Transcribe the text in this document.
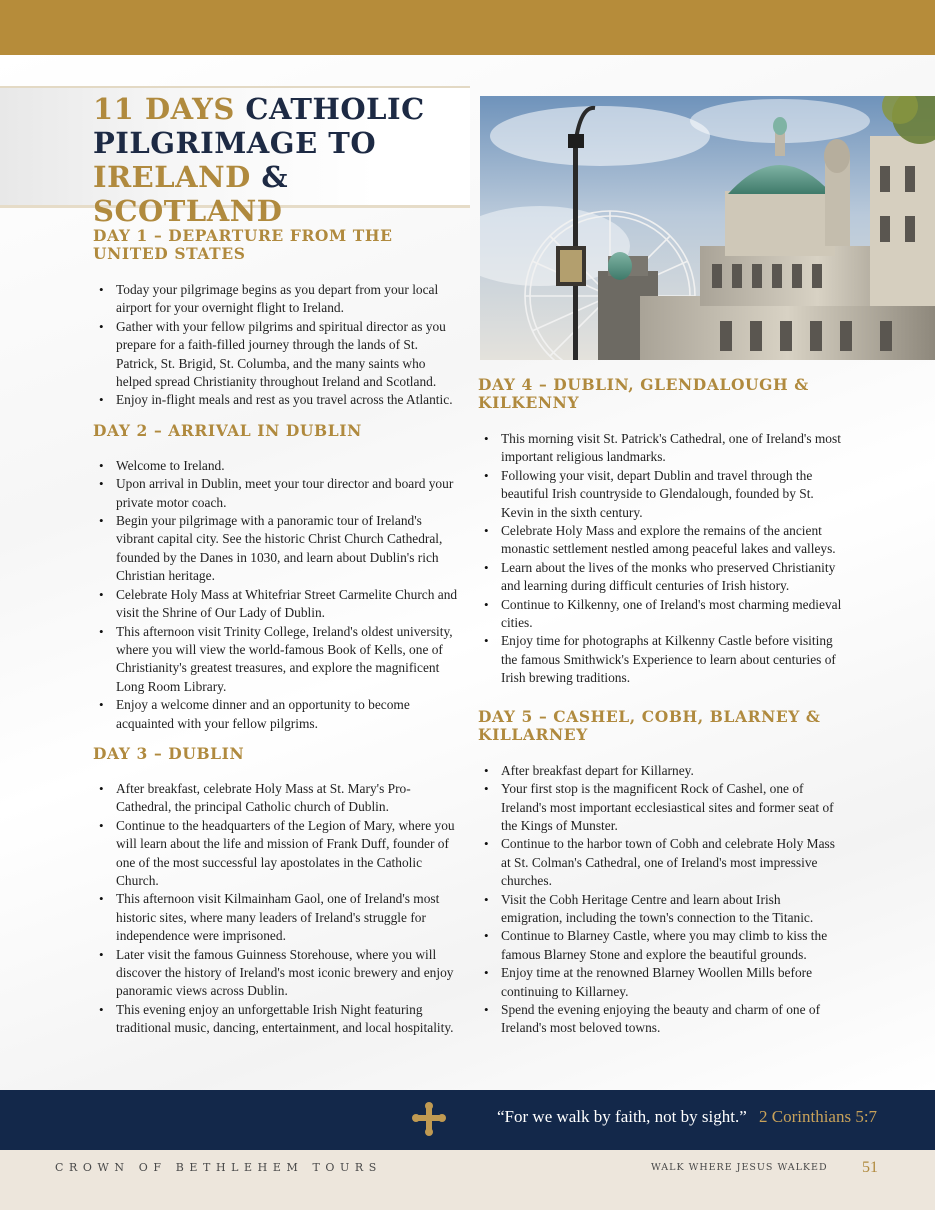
11 DAYS CATHOLIC
PILGRIMAGE TO
IRELAND & SCOTLAND
DAY 1 – DEPARTURE FROM THE UNITED STATES
• Today your pilgrimage begins as you depart from your local airport for your overnight flight to Ireland.
• Gather with your fellow pilgrims and spiritual director as you prepare for a faith-filled journey through the lands of St. Patrick, St. Brigid, St. Columba, and the many saints who helped spread Christianity throughout Ireland and Scotland.
• Enjoy in-flight meals and rest as you travel across the Atlantic.
DAY 2 – ARRIVAL IN DUBLIN
• Welcome to Ireland.
• Upon arrival in Dublin, meet your tour director and board your private motor coach.
• Begin your pilgrimage with a panoramic tour of Ireland's vibrant capital city. See the historic Christ Church Cathedral, founded by the Danes in 1030, and learn about Dublin's rich Christian heritage.
• Celebrate Holy Mass at Whitefriar Street Carmelite Church and visit the Shrine of Our Lady of Dublin.
• This afternoon visit Trinity College, Ireland's oldest university, where you will view the world-famous Book of Kells, one of Christianity's greatest treasures, and explore the magnificent Long Room Library.
• Enjoy a welcome dinner and an opportunity to become acquainted with your fellow pilgrims.
DAY 3 – DUBLIN
• After breakfast, celebrate Holy Mass at St. Mary's Pro-Cathedral, the principal Catholic church of Dublin.
• Continue to the headquarters of the Legion of Mary, where you will learn about the life and mission of Frank Duff, founder of one of the most successful lay apostolates in the Catholic Church.
• This afternoon visit Kilmainham Gaol, one of Ireland's most historic sites, where many leaders of Ireland's struggle for independence were imprisoned.
• Later visit the famous Guinness Storehouse, where you will discover the history of Ireland's most iconic brewery and enjoy panoramic views across Dublin.
• This evening enjoy an unforgettable Irish Night featuring traditional music, dancing, entertainment, and local hospitality.
DAY 4 – DUBLIN, GLENDALOUGH & KILKENNY
• This morning visit St. Patrick's Cathedral, one of Ireland's most important religious landmarks.
• Following your visit, depart Dublin and travel through the beautiful Irish countryside to Glendalough, founded by St. Kevin in the sixth century.
• Celebrate Holy Mass and explore the remains of the ancient monastic settlement nestled among peaceful lakes and valleys.
• Learn about the lives of the monks who preserved Christianity and learning during difficult centuries of Irish history.
• Continue to Kilkenny, one of Ireland's most charming medieval cities.
• Enjoy time for photographs at Kilkenny Castle before visiting the famous Smithwick's Experience to learn about centuries of Irish brewing traditions.
DAY 5 – CASHEL, COBH, BLARNEY & KILLARNEY
• After breakfast depart for Killarney.
• Your first stop is the magnificent Rock of Cashel, one of Ireland's most important ecclesiastical sites and former seat of the Kings of Munster.
• Continue to the harbor town of Cobh and celebrate Holy Mass at St. Colman's Cathedral, one of Ireland's most impressive churches.
• Visit the Cobh Heritage Centre and learn about Irish emigration, including the town's connection to the Titanic.
• Continue to Blarney Castle, where you may climb to kiss the famous Blarney Stone and explore the beautiful grounds.
• Enjoy time at the renowned Blarney Woollen Mills before continuing to Killarney.
• Spend the evening enjoying the beauty and charm of one of Ireland's most beloved towns.
“For we walk by faith, not by sight.” 2 Corinthians 5:7
CROWN OF BETHLEHEM TOURS	WALK WHERE JESUS WALKED 51
